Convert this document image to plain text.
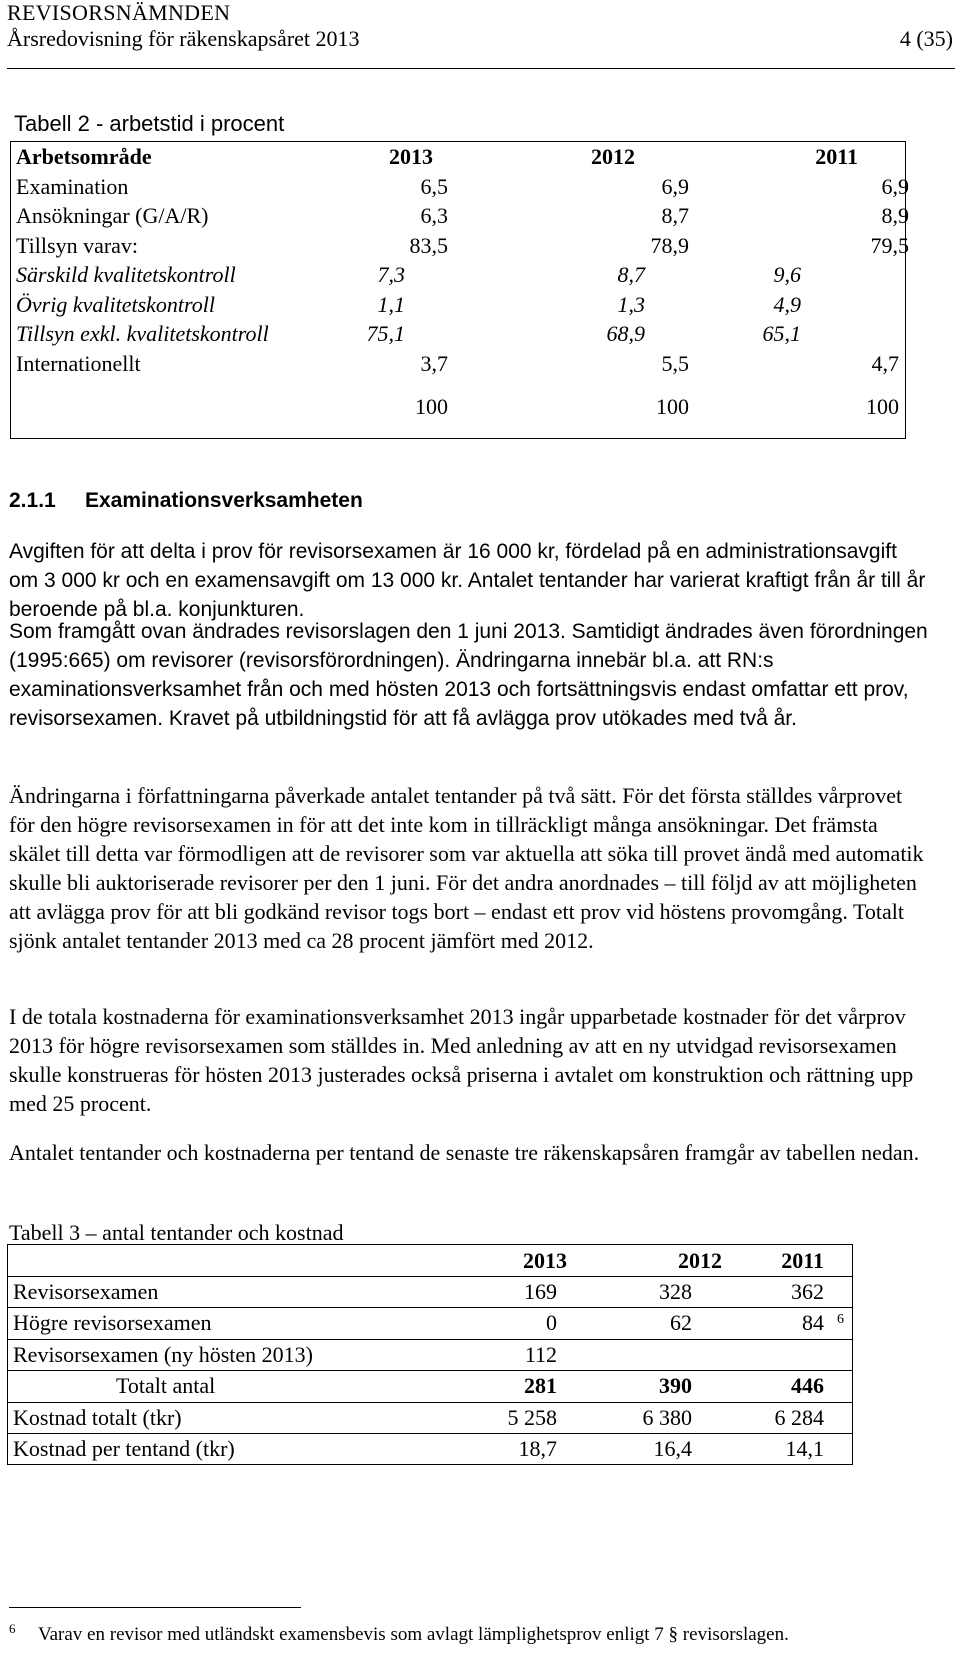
REVISORSNÄMNDEN
Årsredovisning för räkenskapsåret 2013	4 (35)
Tabell 2 - arbetstid i procent
Arbetsområde	2013	2012	2011
Examination	6,5	6,9	6,9
Ansökningar (G/A/R)	6,3	8,7	8,9
Tillsyn varav:	83,5	78,9	79,5
Särskild kvalitetskontroll	7,3	8,7	9,6
Övrig kvalitetskontroll	1,1	1,3	4,9
Tillsyn exkl. kvalitetskontroll	75,1	68,9	65,1
Internationellt	3,7	5,5	4,7
100	100	100
2.1.1 Examinationsverksamheten
Avgiften för att delta i prov för revisorsexamen är 16 000 kr, fördelad på en administrationsavgift om 3 000 kr och en examensavgift om 13 000 kr. Antalet tentander har varierat kraftigt från år till år beroende på bl.a. konjunkturen.
Som framgått ovan ändrades revisorslagen den 1 juni 2013. Samtidigt ändrades även förordningen (1995:665) om revisorer (revisorsförordningen). Ändringarna innebär bl.a. att RN:s examinationsverksamhet från och med hösten 2013 och fortsättningsvis endast omfattar ett prov, revisorsexamen. Kravet på utbildningstid för att få avlägga prov utökades med två år.
Ändringarna i författningarna påverkade antalet tentander på två sätt. För det första ställdes vårprovet för den högre revisorsexamen in för att det inte kom in tillräckligt många ansökningar. Det främsta skälet till detta var förmodligen att de revisorer som var aktuella att söka till provet ändå med automatik skulle bli auktoriserade revisorer per den 1 juni. För det andra anordnades – till följd av att möjligheten att avlägga prov för att bli godkänd revisor togs bort – endast ett prov vid höstens provomgång. Totalt sjönk antalet tentander 2013 med ca 28 procent jämfört med 2012.
I de totala kostnaderna för examinationsverksamhet 2013 ingår upparbetade kostnader för det vårprov 2013 för högre revisorsexamen som ställdes in. Med anledning av att en ny utvidgad revisorsexamen skulle konstrueras för hösten 2013 justerades också priserna i avtalet om konstruktion och rättning upp med 25 procent.
Antalet tentander och kostnaderna per tentand de senaste tre räkenskapsåren framgår av tabellen nedan.
Tabell 3 – antal tentander och kostnad
2013	2012	2011
Revisorsexamen	169	328	362
Högre revisorsexamen	0	62	84 6
Revisorsexamen (ny hösten 2013)	112
Totalt antal	281	390	446
Kostnad totalt (tkr)	5 258	6 380	6 284
Kostnad per tentand (tkr)	18,7	16,4	14,1
6 Varav en revisor med utländskt examensbevis som avlagt lämplighetsprov enligt 7 § revisorslagen.
